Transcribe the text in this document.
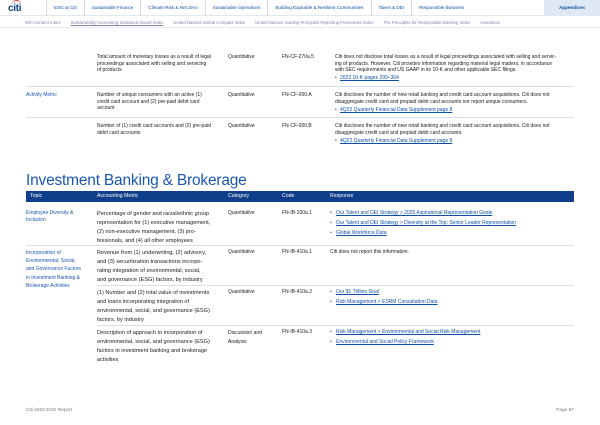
citi	ESG at Citi	Sustainable Finance	Climate Risk & Net Zero	Sustainable Operations	Building Equitable & Resilient Communities	Talent & DEI	Responsible Business	Appendices
GRI Content Index	Sustainability Accounting Standards Board Index	United Nations Global Compact Index	United Nations Guiding Principles Reporting Framework Index	The Principles for Responsible Banking Index	Assurance
Total amount of monetary losses as a result of legal
proceedings associated with selling and servicing
of products
Quantitative	FN-CF-270a.5	Citi does not disclose total losses as a result of legal proceedings associated with selling and servic-
ing of products. However, Citi provides information regarding material legal matters, in accordance
with SEC requirements and US GAAP in its 10-K and other applicable SEC filings.
• 2022 10-K pages 299–304
Activity Metric	Number of unique consumers with an active (1)
credit card account and (2) pre-paid debit card
account
Quantitative	FN-CF-000.A	Citi discloses the number of new retail banking and credit card account acquisitions. Citi does not
disaggregate credit card and prepaid debit card accounts nor report unique consumers.
• 4Q22 Quarterly Financial Data Supplement page 8
Number of (1) credit card accounts and (2) pre-paid
debit card accounts
Quantitative	FN-CF-000.B	Citi discloses the number of new retail banking and credit card account acquisitions. Citi does not
disaggregate credit card and prepaid debit card accounts.
• 4Q22 Quarterly Financial Data Supplement page 8
Investment Banking & Brokerage
Topic	Accounting Metric	Category	Code	Response
Employee Diversity &
Inclusion
Percentage of gender and racial/ethnic group
representation for (1) executive management,
(2) non-executive management, (3) pro-
fessionals, and (4) all other employees
Quantitative	FN-IB-330a.1	• Our Talent and DEI Strategy > 2025 Aspirational Representation Goals
• Our Talent and DEI Strategy > Diversity at the Top: Senior Leader Representation
• Global Workforce Data
Incorporation of
Environmental, Social,
and Governance Factors
in Investment Banking &
Brokerage Activities
Revenue from (1) underwriting, (2) advisory,
and (3) securitization transactions incorpo-
rating integration of environmental, social,
and governance (ESG) factors, by industry
Quantitative	FN-IB-410a.1	Citi does not report this information.
(1) Number and (2) total value of investments
and loans incorporating integration of
environmental, social, and governance (ESG)
factors, by industry
Quantitative	FN-IB-410a.2	• Our $1 Trillion Goal
• Risk Management > ESRM Consultation Data
Description of approach to incorporation of
environmental, social, and governance (ESG)
factors in investment banking and brokerage
activities
Discussion and
Analysis
FN-IB-410a.3	• Risk Management > Environmental and Social Risk Management
• Environmental and Social Policy Framework
Citi 2022 ESG Report	Page 87
